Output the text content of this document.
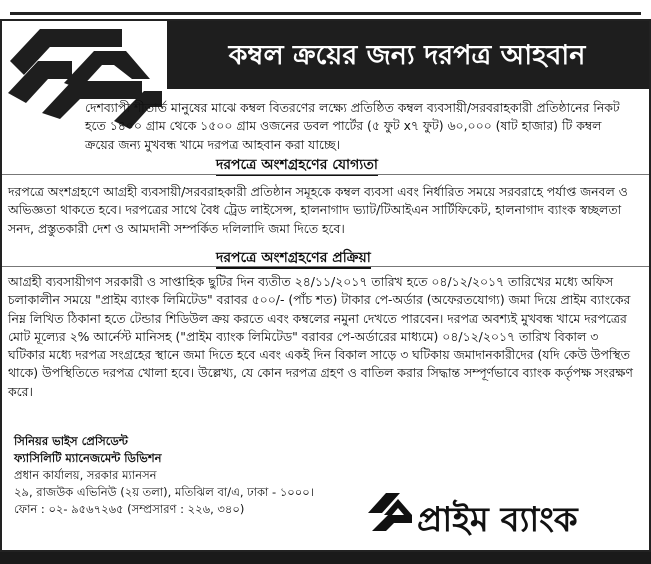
কম্বল ক্রয়ের জন্য দরপত্র আহবান
দেশব্যাপী শীতার্ত মানুষের মাঝে কম্বল বিতরণের লক্ষ্যে প্রতিষ্ঠিত কম্বল ব্যবসায়ী/সরবরাহকারী প্রতিষ্ঠানের নিকট হতে ১৪০০ গ্রাম থেকে ১৫০০ গ্রাম ওজনের ডবল পার্টের (৫ ফুট x৭ ফুট) ৬০,০০০ (ষাট হাজার) টি কম্বল ক্রয়ের জন্য মুখবন্ধ খামে দরপত্র আহবান করা যাচ্ছে।
দরপত্রে অংশগ্রহণের যোগ্যতা
দরপত্রে অংশগ্রহণে আগ্রহী ব্যবসায়ী/সরবরাহকারী প্রতিষ্ঠান সমূহকে কম্বল ব্যবসা এবং নির্ধারিত সময়ে সরবরাহে পর্যাপ্ত জনবল ও অভিজ্ঞতা থাকতে হবে। দরপত্রের সাথে বৈধ ট্রেড লাইসেন্স, হালনাগাদ ভ্যাট/টিআইএন সার্টিফিকেট, হালনাগাদ ব্যাংক স্বচ্ছলতা সনদ, প্রস্তুতকারী দেশ ও আমদানী সম্পর্কিত দলিলাদি জমা দিতে হবে।
দরপত্রে অংশগ্রহণের প্রক্রিয়া
আগ্রহী ব্যবসায়ীগণ সরকারী ও সাপ্তাহিক ছুটির দিন ব্যতীত ২৪/১১/২০১৭ তারিখ হতে ০৪/১২/২০১৭ তারিখের মধ্যে অফিস চলাকালীন সময়ে "প্রাইম ব্যাংক লিমিটেড" বরাবর ৫০০/- (পাঁচ শত) টাকার পে-অর্ডার (অফেরতযোগ্য) জমা দিয়ে প্রাইম ব্যাংকের নিম্ন লিখিত ঠিকানা হতে টেন্ডার শিডিউল ক্রয় করতে এবং কম্বলের নমুনা দেখতে পারবেন। দরপত্র অবশ্যই মুখবন্ধ খামে দরপত্রের মোট মূল্যের ২% আর্নেস্ট মানিসহ ("প্রাইম ব্যাংক লিমিটেড" বরাবর পে-অর্ডারের মাধ্যমে) ০৪/১২/২০১৭ তারিখ বিকাল ৩ ঘটিকার মধ্যে দরপত্র সংগ্রহের স্থানে জমা দিতে হবে এবং একই দিন বিকাল সাড়ে ৩ ঘটিকায় জমাদানকারীদের (যদি কেউ উপস্থিত থাকে) উপস্থিতিতে দরপত্র খোলা হবে। উল্লেখ্য, যে কোন দরপত্র গ্রহণ ও বাতিল করার সিদ্ধান্ত সম্পূর্ণভাবে ব্যাংক কর্তৃপক্ষ সংরক্ষণ করে।
সিনিয়র ভাইস প্রেসিডেন্ট
ফ্যাসিলিটি ম্যানেজমেন্ট ডিভিশন
প্রধান কার্যালয়, সরকার ম্যানসন
২৯, রাজউক এভিনিউ (২য় তলা), মতিঝিল বা/এ, ঢাকা - ১০০০।
ফোন : ০২- ৯৫৬৭২৬৫ (সম্প্রসারণ : ২২৬, ৩৪০)	প্রাইম ব্যাংক
